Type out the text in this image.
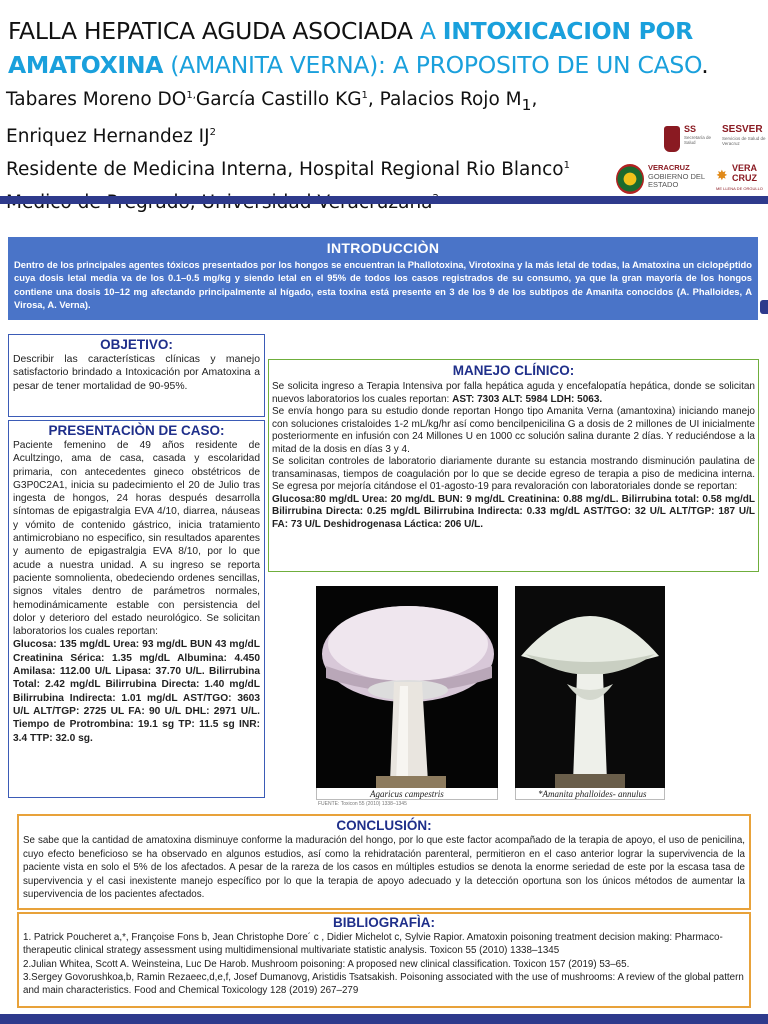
FALLA HEPATICA AGUDA ASOCIADA A INTOXICACION POR AMATOXINA (AMANITA VERNA): A PROPOSITO DE UN CASO.
Tabares Moreno $DO^{1,}García$ Castillo $KG^1$, Palacios Rojo $M_1$, Enriquez Hernandez $IJ^2$
Residente de Medicina Interna, Hospital Regional Rio Blanco$^1$
SS
Secretaría de Salud
SESVER
Servicios de Salud de Veracruz
VERACRUZ
GOBIERNO DEL ESTADO
✸ VERA CRUZ
ME LLENA DE ORGULLO
INTRODUCCIÒN

Dentro de los principales agentes tóxicos presentados por los hongos se encuentran la Phallotoxina, Virotoxina y la más letal de todas, la Amatoxina un ciclopéptido cuya dosis letal media va de los 0.1–0.5 mg/kg y siendo letal en el 95% de todos los casos registrados de su consumo, ya que la gran mayoría de los hongos contiene una dosis 10–12 mg afectando principalmente al hígado, esta toxina está presente en 3 de los 9 de los subtipos de Amanita conocidos (A. Phalloides, A Virosa, A. Verna).

OBJETIVO:

Describir las características clínicas y manejo satisfactorio brindado a Intoxicación por Amatoxina a pesar de tener mortalidad de 90-95%.

PRESENTACIÒN DE CASO:

Paciente femenino de 49 años residente de Acultzingo, ama de casa, casada y escolaridad primaria, con antecedentes gineco obstétricos de G3P0C2A1, inicia su padecimiento el 20 de Julio tras ingesta de hongos, 24 horas después desarrolla síntomas de epigastralgia EVA 4/10, diarrea, náuseas y vómito de contenido gástrico, inicia tratamiento antimicrobiano no especifico, sin resultados aparentes y aumento de epigastralgia EVA 8/10, por lo que acude a nuestra unidad. A su ingreso se reporta paciente somnolienta, obedeciendo ordenes sencillas, signos vitales dentro de parámetros normales, hemodinámicamente estable con persistencia del dolor y deterioro del estado neurológico. Se solicitan laboratorios los cuales reportan:

Glucosa: 135 mg/dL Urea: 93 mg/dL BUN 43 mg/dL Creatinina Sérica: 1.35 mg/dL Albumina: 4.450 Amilasa: 112.00 U/L Lipasa: 37.70 U/L. Bilirrubina Total: 2.42 mg/dL Bilirrubina Directa: 1.40 mg/dL Bilirrubina Indirecta: 1.01 mg/dL AST/TGO: 3603 U/L ALT/TGP: 2725 UL FA: 90 U/L DHL: 2971 U/L. Tiempo de Protrombina: 19.1 sg TP: 11.5 sg INR: 3.4 TTP: 32.0 sg.

MANEJO CLÍNICO:

Se solicita ingreso a Terapia Intensiva por falla hepática aguda y encefalopatía hepática, donde se solicitan nuevos laboratorios los cuales reportan: AST: 7303 ALT: 5984 LDH: 5063.

Se envía hongo para su estudio donde reportan Hongo tipo Amanita Verna (amantoxina) iniciando manejo con soluciones cristaloides 1-2 mL/kg/hr así como bencilpenicilina G a dosis de 2 millones de UI inicialmente posteriormente en infusión con 24 Millones U en 1000 cc solución salina durante 2 días. Y reduciéndose a la mitad de la dosis en días 3 y 4.

Se solicitan controles de laboratorio diariamente durante su estancia mostrando disminución paulatina de transaminasas, tiempos de coagulación por lo que se decide egreso de terapia a piso de medicina interna. Se egresa por mejoría citándose el 01-agosto-19 para revaloración con laboratoriales donde se reportan:

Glucosa:80 mg/dL Urea: 20 mg/dL BUN: 9 mg/dL Creatinina: 0.88 mg/dL. Bilirrubina total: 0.58 mg/dL Bilirrubina Directa: 0.25 mg/dL Bilirrubina Indirecta: 0.33 mg/dL AST/TGO: 32 U/L ALT/TGP: 187 U/L FA: 73 U/L Deshidrogenasa Láctica: 206 U/L.

Agaricus campestris	*Amanita phalloides- annulus
FUENTE: Toxicon 55 (2010) 1338–1345
CONCLUSIÓN:

Se sabe que la cantidad de amatoxina disminuye conforme la maduración del hongo, por lo que este factor acompañado de la terapia de apoyo, el uso de penicilina, cuyo efecto beneficioso se ha observado en algunos estudios, así como la rehidratación parenteral, permitieron en el caso anterior lograr la supervivencia de la paciente vista en solo el 5% de los afectados. A pesar de la rareza de los casos en múltiples estudios se denota la enorme seriedad de este por la escasa tasa de supervivencia y el casi inexistente manejo específico por lo que la terapia de apoyo adecuado y la detección oportuna son los únicos métodos de aumentar la supervivencia de los pacientes afectados.

BIBLIOGRAFÌA:
1. Patrick Poucheret a,*, Françoise Fons b, Jean Christophe Dore´ c , Didier Michelot c, Sylvie Rapior. Amatoxin poisoning treatment decision making: Pharmaco-therapeutic clinical strategy assessment using multidimensional multivariate statistic analysis. Toxicon 55 (2010) 1338–1345
2.Julian Whitea, Scott A. Weinsteina, Luc De Harob. Mushroom poisoning: A proposed new clinical classification. Toxicon 157 (2019) 53–65.
3.Sergey Govorushkoa,b, Ramin Rezaeec,d,e,f, Josef Dumanovg, Aristidis Tsatsakish. Poisoning associated with the use of mushrooms: A review of the global pattern and main characteristics. Food and Chemical Toxicology 128 (2019) 267–279
